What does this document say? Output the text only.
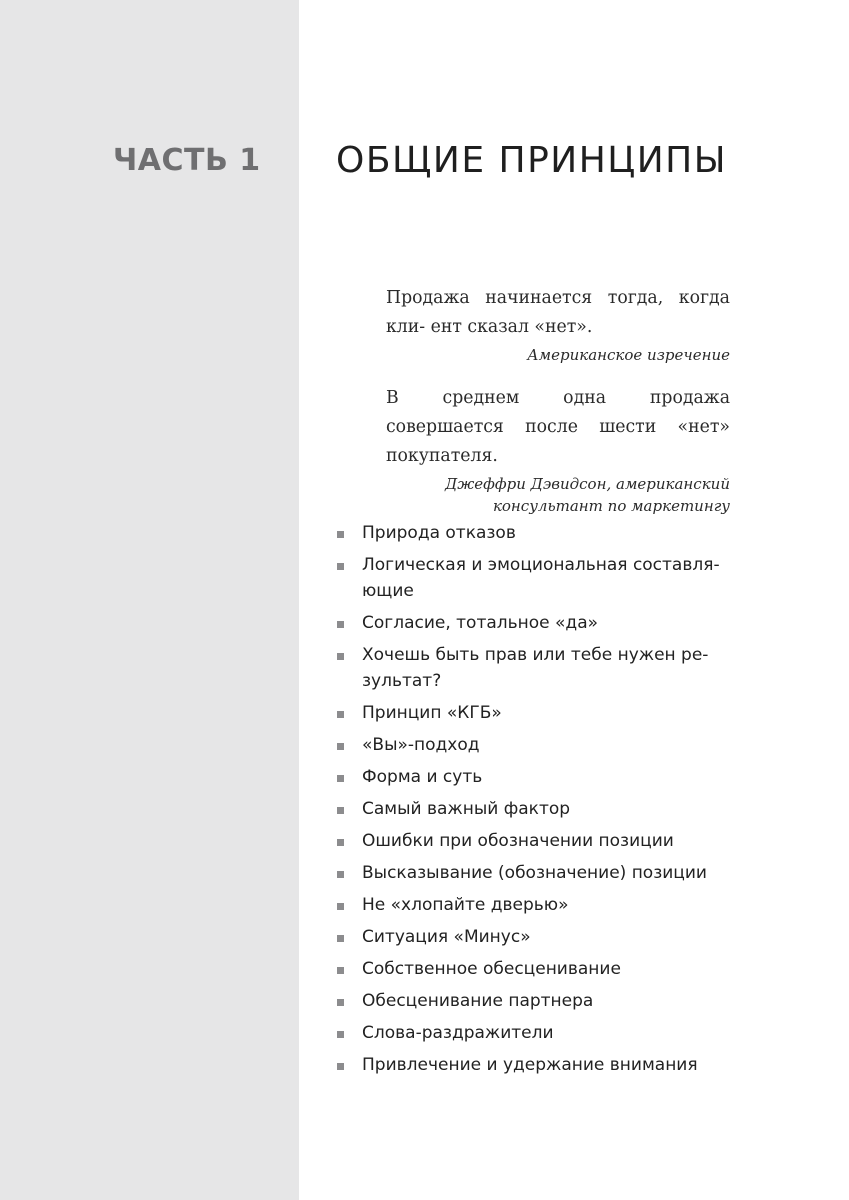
ЧАСТЬ 1 ОБЩИЕ ПРИНЦИПЫ

Продажа начинается тогда, когда кли- ент сказал «нет».

Американское изречение

В среднем одна продажа совершается после шести «нет» покупателя.

Джеффри Дэвидсон, американский консультант по маркетингу

Природа отказов
Логическая и эмоциональная составля- ющие
Согласие, тотальное «да»
Хочешь быть прав или тебе нужен ре- зультат?
Принцип «КГБ»
«Вы»-подход
Форма и суть
Самый важный фактор
Ошибки при обозначении позиции
Высказывание (обозначение) позиции
Не «хлопайте дверью»
Ситуация «Минус»
Собственное обесценивание
Обесценивание партнера
Слова-раздражители
Привлечение и удержание внимания
